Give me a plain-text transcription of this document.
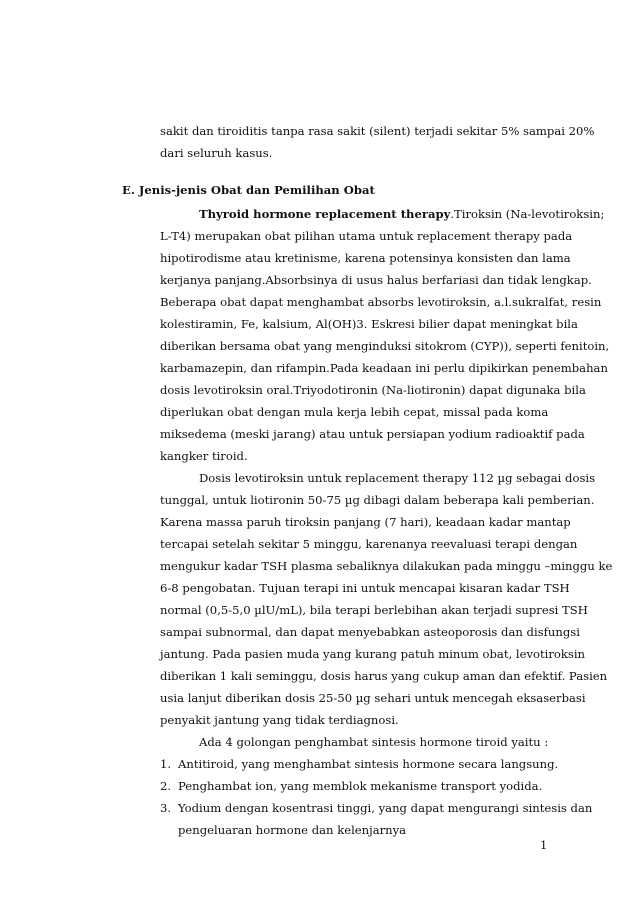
sakit dan tiroiditis tanpa rasa sakit (silent) terjadi sekitar 5% sampai 20%
dari seluruh kasus.
E. Jenis-jenis Obat dan Pemilihan Obat
Thyroid hormone replacement therapy.Tiroksin (Na-levotiroksin;
L-T4) merupakan obat pilihan utama untuk replacement therapy pada
hipotirodisme atau kretinisme, karena potensinya konsisten dan lama
kerjanya panjang.Absorbsinya di usus halus berfariasi dan tidak lengkap.
Beberapa obat dapat menghambat absorbs levotiroksin, a.l.sukralfat, resin
kolestiramin, Fe, kalsium, Al(OH)3. Eskresi bilier dapat meningkat bila
diberikan bersama obat yang menginduksi sitokrom (CYP)), seperti fenitoin,
karbamazepin, dan rifampin.Pada keadaan ini perlu dipikirkan penembahan
dosis levotiroksin oral.Triyodotironin (Na-liotironin) dapat digunaka bila
diperlukan obat dengan mula kerja lebih cepat, missal pada koma
miksedema (meski jarang) atau untuk persiapan yodium radioaktif pada
kangker tiroid.
Dosis levotiroksin untuk replacement therapy 112 µg sebagai dosis
tunggal, untuk liotironin 50-75 µg dibagi dalam beberapa kali pemberian.
Karena massa paruh tiroksin panjang (7 hari), keadaan kadar mantap
tercapai setelah sekitar 5 minggu, karenanya reevaluasi terapi dengan
mengukur kadar TSH plasma sebaliknya dilakukan pada minggu –minggu ke
6-8 pengobatan. Tujuan terapi ini untuk mencapai kisaran kadar TSH
normal (0,5-5,0 µlU/mL), bila terapi berlebihan akan terjadi supresi TSH
sampai subnormal, dan dapat menyebabkan asteoporosis dan disfungsi
jantung. Pada pasien muda yang kurang patuh minum obat, levotiroksin
diberikan 1 kali seminggu, dosis harus yang cukup aman dan efektif. Pasien
usia lanjut diberikan dosis 25-50 µg sehari untuk mencegah eksaserbasi
penyakit jantung yang tidak terdiagnosi.
Ada 4 golongan penghambat sintesis hormone tiroid yaitu :
1. Antitiroid, yang menghambat sintesis hormone secara langsung.
2. Penghambat ion, yang memblok mekanisme transport yodida.
3. Yodium dengan kosentrasi tinggi, yang dapat mengurangi sintesis dan
pengeluaran hormone dan kelenjarnya
1
